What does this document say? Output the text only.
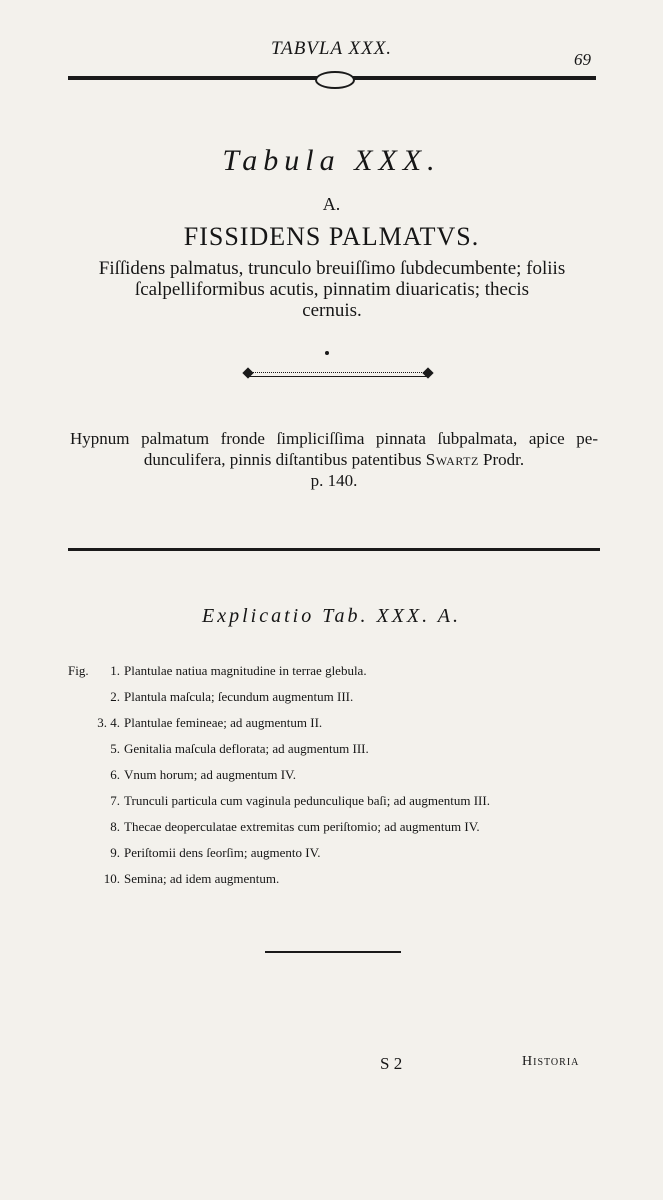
TABVLA XXX.
69
Tabula XXX.
A.
FISSIDENS PALMATVS.
Fiſſidens palmatus, trunculo breuiſſimo ſubdecumbente; foliis
ſcalpelliformibus acutis, pinnatim diuaricatis; thecis
cernuis.
Hypnum palmatum fronde ſimpliciſſima pinnata ſubpalmata, apice pe-
dunculifera, pinnis diſtantibus patentibus Swartz Prodr.
p. 140.
Explicatio Tab. XXX. A.
Fig.	1. Plantulae natiua magnitudine in terrae glebula.
2. Plantula maſcula; ſecundum augmentum III.
3. 4. Plantulae femineae; ad augmentum II.
5. Genitalia maſcula deflorata; ad augmentum III.
6. Vnum horum; ad augmentum IV.
7. Trunculi particula cum vaginula pedunculique baſi; ad augmentum III.
8. Thecae deoperculatae extremitas cum periſtomio; ad augmentum IV.
9. Periſtomii dens ſeorſim; augmento IV.
10. Semina; ad idem augmentum.
S 2	Historia
